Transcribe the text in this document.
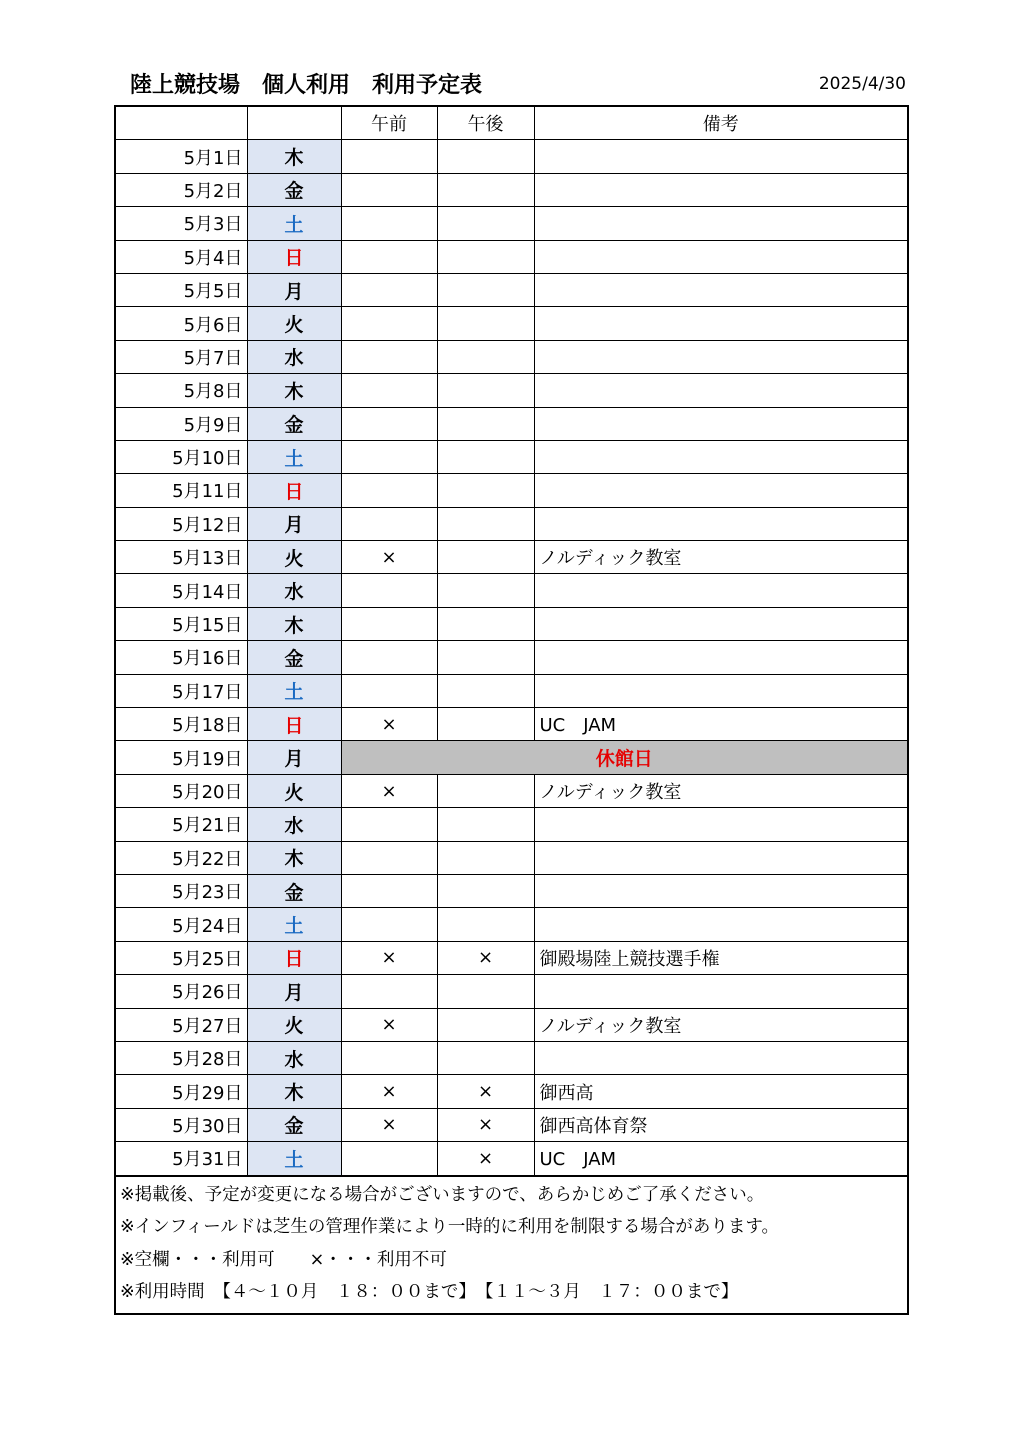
陸上競技場　個人利用　利用予定表	2025/4/30
		午前	午後	備考
5月1日	木			
5月2日	金			
5月3日	土			
5月4日	日			
5月5日	月			
5月6日	火			
5月7日	水			
5月8日	木			
5月9日	金			
5月10日	土			
5月11日	日			
5月12日	月			
5月13日	火	×		ノルディック教室
5月14日	水			
5月15日	木			
5月16日	金			
5月17日	土			
5月18日	日	×		UC　JAM
5月19日	月	休館日		
5月20日	火	×		ノルディック教室
5月21日	水			
5月22日	木			
5月23日	金			
5月24日	土			
5月25日	日	×	×	御殿場陸上競技選手権
5月26日	月			
5月27日	火	×		ノルディック教室
5月28日	水			
5月29日	木	×	×	御西高
5月30日	金	×	×	御西高体育祭
5月31日	土		×	UC　JAM
※掲載後、予定が変更になる場合がございますので、あらかじめご了承ください。
※インフィールドは芝生の管理作業により一時的に利用を制限する場合があります。
※空欄・・・利用可　　×・・・利用不可
※利用時間　【４～１０月　１８：００まで】　【１１～３月　１７：００まで】
